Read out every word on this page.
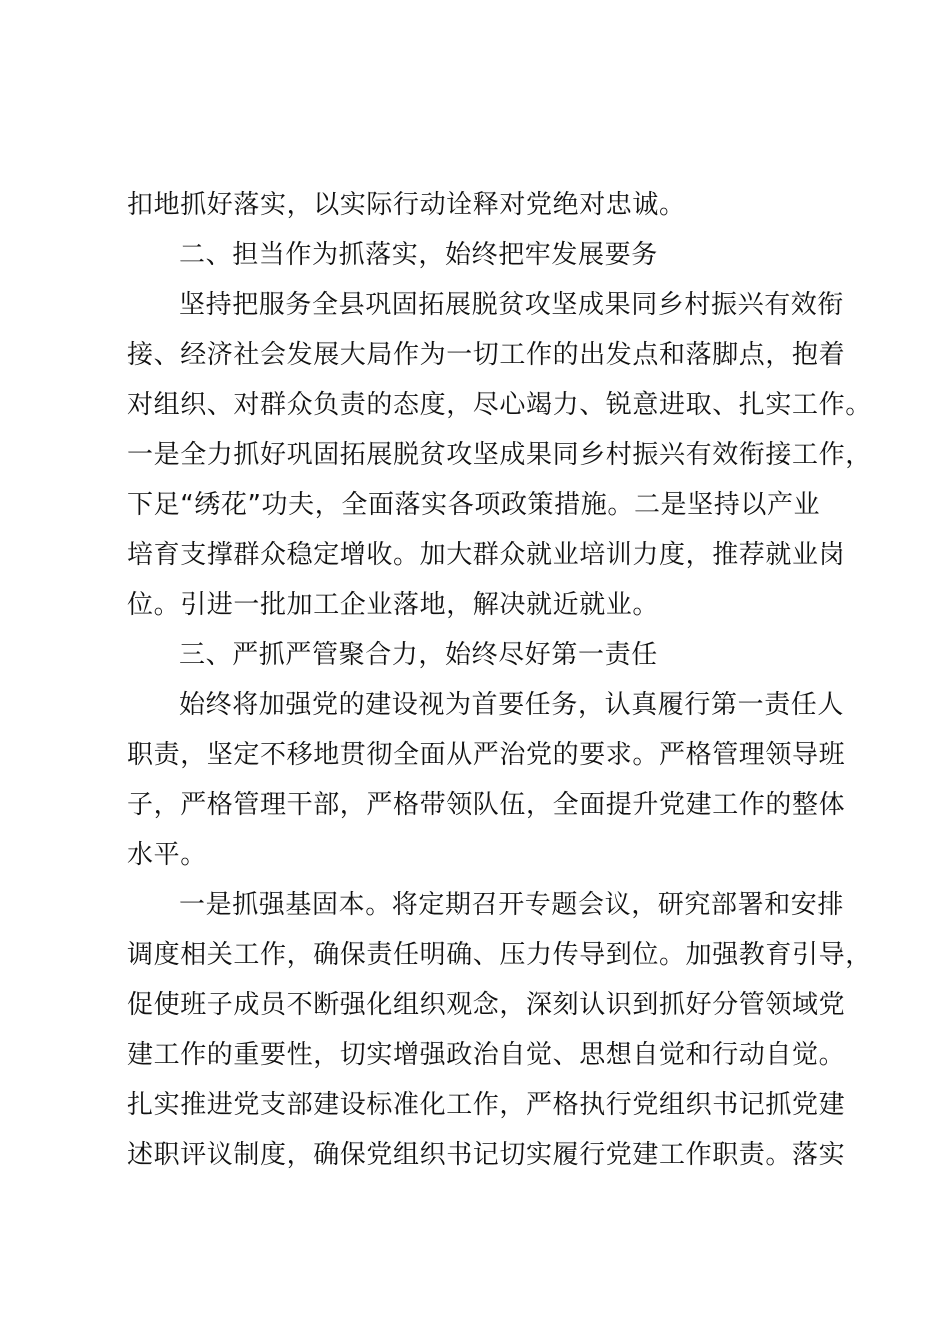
扣地抓好落实，以实际行动诠释对党绝对忠诚。
二、担当作为抓落实，始终把牢发展要务
坚持把服务全县巩固拓展脱贫攻坚成果同乡村振兴有效衔
接、经济社会发展大局作为一切工作的出发点和落脚点，抱着
对组织、对群众负责的态度，尽心竭力、锐意进取、扎实工作。
一是全力抓好巩固拓展脱贫攻坚成果同乡村振兴有效衔接工作，
下足“绣花”功夫，全面落实各项政策措施。二是坚持以产业
培育支撑群众稳定增收。加大群众就业培训力度，推荐就业岗
位。引进一批加工企业落地，解决就近就业。
三、严抓严管聚合力，始终尽好第一责任
始终将加强党的建设视为首要任务，认真履行第一责任人
职责，坚定不移地贯彻全面从严治党的要求。严格管理领导班
子，严格管理干部，严格带领队伍，全面提升党建工作的整体
水平。
一是抓强基固本。将定期召开专题会议，研究部署和安排
调度相关工作，确保责任明确、压力传导到位。加强教育引导，
促使班子成员不断强化组织观念，深刻认识到抓好分管领域党
建工作的重要性，切实增强政治自觉、思想自觉和行动自觉。
扎实推进党支部建设标准化工作，严格执行党组织书记抓党建
述职评议制度，确保党组织书记切实履行党建工作职责。落实
